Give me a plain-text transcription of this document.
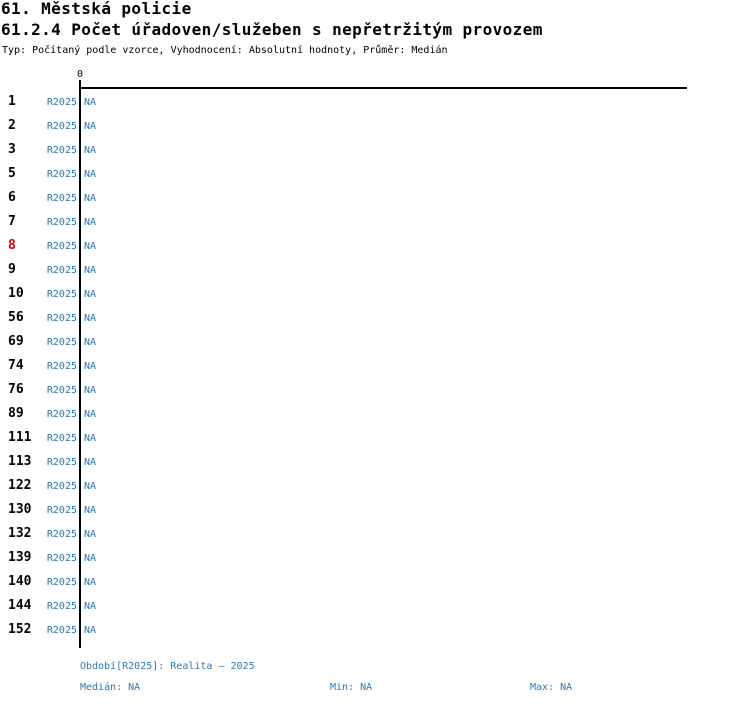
61. Městská policie
61.2.4 Počet úřadoven/služeben s nepřetržitým provozem
Typ: Počítaný podle vzorce, Vyhodnocení: Absolutní hodnoty, Průměr: Medián
0
1	R2025 NA
2	R2025 NA
3	R2025 NA
5	R2025 NA
6	R2025 NA
7	R2025 NA
8	R2025 NA
9	R2025 NA
10 R2025 NA
56 R2025 NA
69 R2025 NA
74 R2025 NA
76 R2025 NA
89 R2025 NA
111 R2025 NA
113 R2025 NA
122 R2025 NA
130 R2025 NA
132 R2025 NA
139 R2025 NA
140 R2025 NA
144 R2025 NA
152 R2025 NA
Období[R2025]: Realita – 2025
Medián: NA	Min: NA	Max: NA
